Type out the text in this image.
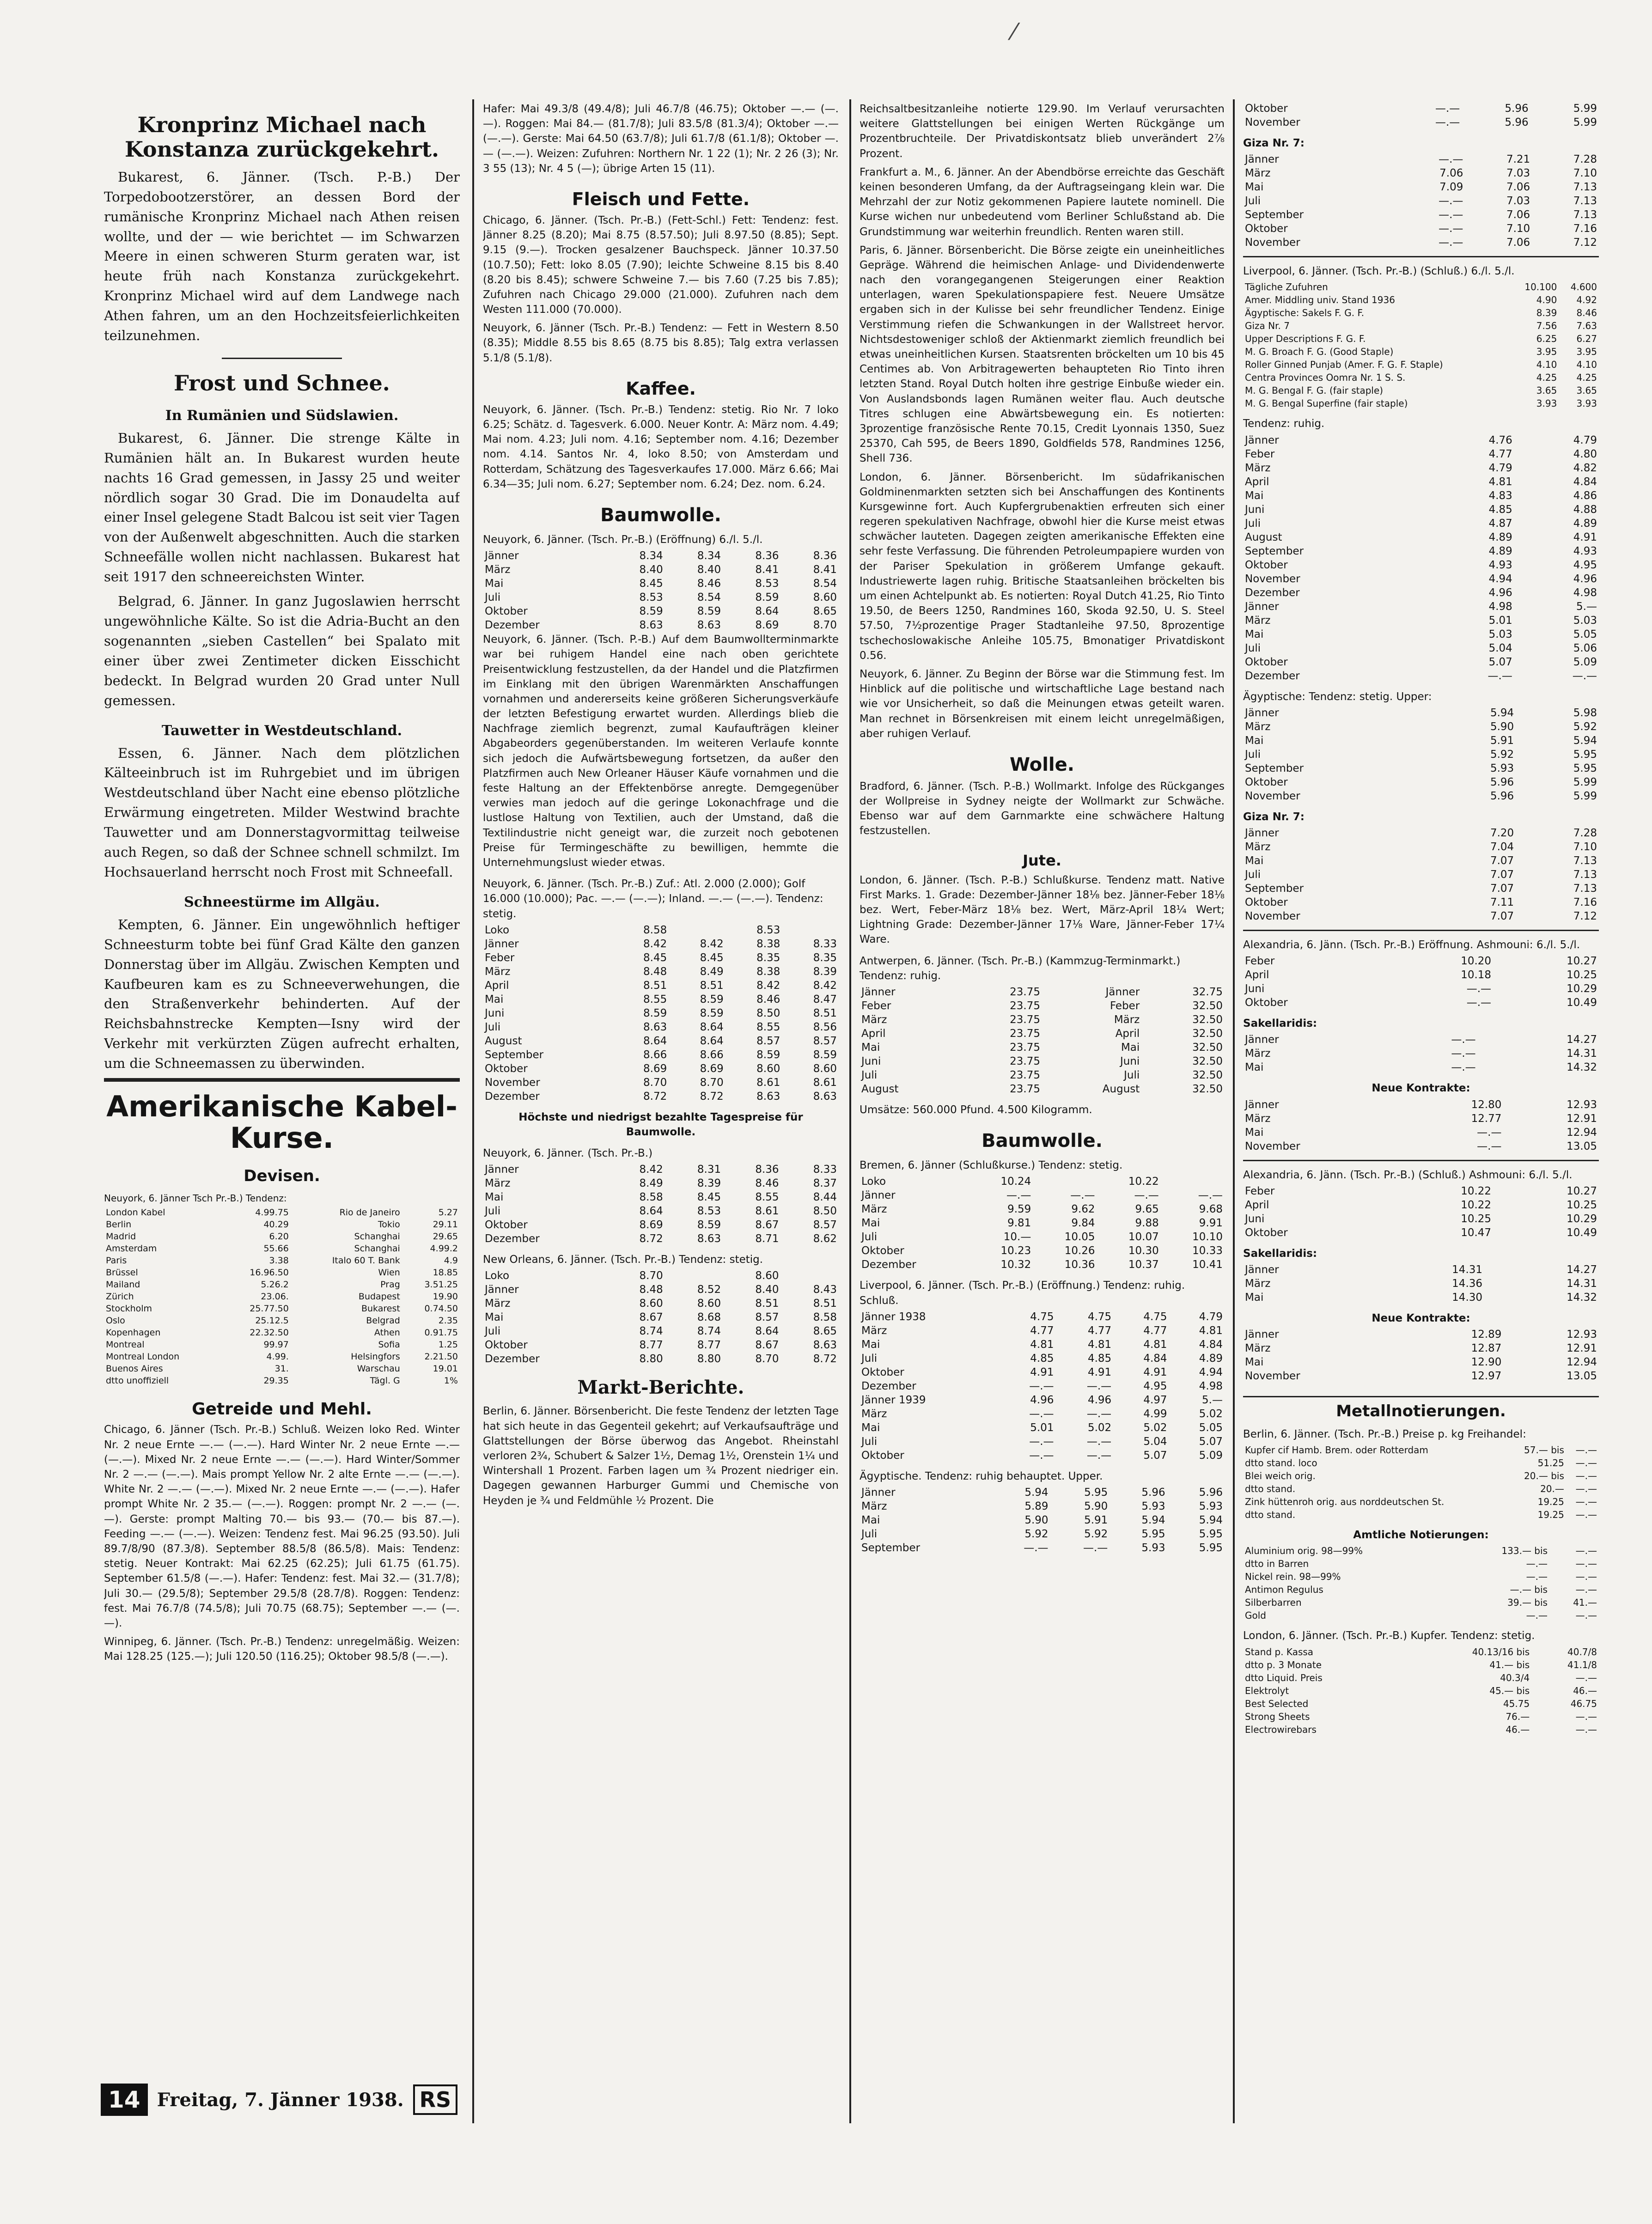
⁄
Kronprinz Michael nach Konstanza zurückgekehrt.

Bukarest, 6. Jänner. (Tsch. P.-B.) Der Torpedobootzerstörer, an dessen Bord der rumänische Kronprinz Michael nach Athen reisen wollte, und der — wie berichtet — im Schwarzen Meere in einen schweren Sturm geraten war, ist heute früh nach Konstanza zurückgekehrt. Kronprinz Michael wird auf dem Landwege nach Athen fahren, um an den Hochzeitsfeierlichkeiten teilzunehmen.

Frost und Schnee.
In Rumänien und Südslawien.

Bukarest, 6. Jänner. Die strenge Kälte in Rumänien hält an. In Bukarest wurden heute nachts 16 Grad gemessen, in Jassy 25 und weiter nördlich sogar 30 Grad. Die im Donaudelta auf einer Insel gelegene Stadt Balcou ist seit vier Tagen von der Außenwelt abgeschnitten. Auch die starken Schneefälle wollen nicht nachlassen. Bukarest hat seit 1917 den schneereichsten Winter.

Belgrad, 6. Jänner. In ganz Jugoslawien herrscht ungewöhnliche Kälte. So ist die Adria-Bucht an den sogenannten „sieben Castellen“ bei Spalato mit einer über zwei Zentimeter dicken Eisschicht bedeckt. In Belgrad wurden 20 Grad unter Null gemessen.

Tauwetter in Westdeutschland.

Essen, 6. Jänner. Nach dem plötzlichen Kälteeinbruch ist im Ruhrgebiet und im übrigen Westdeutschland über Nacht eine ebenso plötzliche Erwärmung eingetreten. Milder Westwind brachte Tauwetter und am Donnerstagvormittag teilweise auch Regen, so daß der Schnee schnell schmilzt. Im Hochsauerland herrscht noch Frost mit Schneefall.

Schneestürme im Allgäu.

Kempten, 6. Jänner. Ein ungewöhnlich heftiger Schneesturm tobte bei fünf Grad Kälte den ganzen Donnerstag über im Allgäu. Zwischen Kempten und Kaufbeuren kam es zu Schneeverwehungen, die den Straßenverkehr behinderten. Auf der Reichsbahnstrecke Kempten—Isny wird der Verkehr mit verkürzten Zügen aufrecht erhalten, um die Schneemassen zu überwinden.

Amerikanische Kabel-Kurse.
Devisen.

Neuyork, 6. Jänner Tsch Pr.-B.) Tendenz:

London Kabel	4.99.75	Rio de Janeiro	5.27
Berlin	40.29	Tokio	29.11
Madrid	6.20	Schanghai	29.65
Amsterdam	55.66	Schanghai	4.99.2
Paris	3.38	Italo 60 T. Bank	4.9
Brüssel	16.96.50	Wien	18.85
Mailand	5.26.2	Prag	3.51.25
Zürich	23.06.	Budapest	19.90
Stockholm	25.77.50	Bukarest	0.74.50
Oslo	25.12.5	Belgrad	2.35
Kopenhagen	22.32.50	Athen	0.91.75
Montreal	99.97	Sofia	1.25
Montreal London	4.99.	Helsingfors	2.21.50
Buenos Aires	31.	Warschau	19.01
dtto unoffiziell	29.35	Tägl. G	1%
Getreide und Mehl.

Chicago, 6. Jänner (Tsch. Pr.-B.) Schluß. Weizen loko Red. Winter Nr. 2 neue Ernte —.— (—.—). Hard Winter Nr. 2 neue Ernte —.— (—.—). Mixed Nr. 2 neue Ernte —.— (—.—). Hard Winter/Sommer Nr. 2 —.— (—.—). Mais prompt Yellow Nr. 2 alte Ernte —.— (—.—). White Nr. 2 —.— (—.—). Mixed Nr. 2 neue Ernte —.— (—.—). Hafer prompt White Nr. 2 35.— (—.—). Roggen: prompt Nr. 2 —.— (—.—). Gerste: prompt Malting 70.— bis 93.— (70.— bis 87.—). Feeding —.— (—.—). Weizen: Tendenz fest. Mai 96.25 (93.50). Juli 89.7/8/90 (87.3/8). September 88.5/8 (86.5/8). Mais: Tendenz: stetig. Neuer Kontrakt: Mai 62.25 (62.25); Juli 61.75 (61.75). September 61.5/8 (—.—). Hafer: Tendenz: fest. Mai 32.— (31.7/8); Juli 30.— (29.5/8); September 29.5/8 (28.7/8). Roggen: Tendenz: fest. Mai 76.7/8 (74.5/8); Juli 70.75 (68.75); September —.— (—.—).

Winnipeg, 6. Jänner. (Tsch. Pr.-B.) Tendenz: unregelmäßig. Weizen: Mai 128.25 (125.—); Juli 120.50 (116.25); Oktober 98.5/8 (—.—).

14 Freitag, 7. Jänner 1938. RS

Hafer: Mai 49.3/8 (49.4/8); Juli 46.7/8 (46.75); Oktober —.— (—.—). Roggen: Mai 84.— (81.7/8); Juli 83.5/8 (81.3/4); Oktober —.— (—.—). Gerste: Mai 64.50 (63.7/8); Juli 61.7/8 (61.1/8); Oktober —.— (—.—). Weizen: Zufuhren: Northern Nr. 1 22 (1); Nr. 2 26 (3); Nr. 3 55 (13); Nr. 4 5 (—); übrige Arten 15 (11).

Fleisch und Fette.

Chicago, 6. Jänner. (Tsch. Pr.-B.) (Fett-Schl.) Fett: Tendenz: fest. Jänner 8.25 (8.20); Mai 8.75 (8.57.50); Juli 8.97.50 (8.85); Sept. 9.15 (9.—). Trocken gesalzener Bauchspeck. Jänner 10.37.50 (10.7.50); Fett: loko 8.05 (7.90); leichte Schweine 8.15 bis 8.40 (8.20 bis 8.45); schwere Schweine 7.— bis 7.60 (7.25 bis 7.85); Zufuhren nach Chicago 29.000 (21.000). Zufuhren nach dem Westen 111.000 (70.000).

Neuyork, 6. Jänner (Tsch. Pr.-B.) Tendenz: — Fett in Western 8.50 (8.35); Middle 8.55 bis 8.65 (8.75 bis 8.85); Talg extra verlassen 5.1/8 (5.1/8).

Kaffee.

Neuyork, 6. Jänner. (Tsch. Pr.-B.) Tendenz: stetig. Rio Nr. 7 loko 6.25; Schätz. d. Tagesverk. 6.000. Neuer Kontr. A: März nom. 4.49; Mai nom. 4.23; Juli nom. 4.16; September nom. 4.16; Dezember nom. 4.14. Santos Nr. 4, loko 8.50; von Amsterdam und Rotterdam, Schätzung des Tagesverkaufes 17.000. März 6.66; Mai 6.34—35; Juli nom. 6.27; September nom. 6.24; Dez. nom. 6.24.

Baumwolle.

Neuyork, 6. Jänner. (Tsch. Pr.-B.) (Eröffnung) 6./l. 5./l.

Jänner	8.34	8.34	8.36	8.36
März	8.40	8.40	8.41	8.41
Mai	8.45	8.46	8.53	8.54
Juli	8.53	8.54	8.59	8.60
Oktober	8.59	8.59	8.64	8.65
Dezember	8.63	8.63	8.69	8.70

Neuyork, 6. Jänner. (Tsch. P.-B.) Auf dem Baumwollterminmarkte war bei ruhigem Handel eine nach oben gerichtete Preisentwicklung festzustellen, da der Handel und die Platzfirmen im Einklang mit den übrigen Warenmärkten Anschaffungen vornahmen und andererseits keine größeren Sicherungsverkäufe der letzten Befestigung erwartet wurden. Allerdings blieb die Nachfrage ziemlich begrenzt, zumal Kaufaufträgen kleiner Abgabeorders gegenüberstanden. Im weiteren Verlaufe konnte sich jedoch die Aufwärtsbewegung fortsetzen, da außer den Platzfirmen auch New Orleaner Häuser Käufe vornahmen und die feste Haltung an der Effektenbörse anregte. Demgegenüber verwies man jedoch auf die geringe Lokonachfrage und die lustlose Haltung von Textilien, auch der Umstand, daß die Textilindustrie nicht geneigt war, die zurzeit noch gebotenen Preise für Termingeschäfte zu bewilligen, hemmte die Unternehmungslust wieder etwas.

Neuyork, 6. Jänner. (Tsch. Pr.-B.) Zuf.: Atl. 2.000 (2.000); Golf 16.000 (10.000); Pac. —.— (—.—); Inland. —.— (—.—). Tendenz: stetig.

Loko	8.58		8.53	
Jänner	8.42	8.42	8.38	8.33
Feber	8.45	8.45	8.35	8.35
März	8.48	8.49	8.38	8.39
April	8.51	8.51	8.42	8.42
Mai	8.55	8.59	8.46	8.47
Juni	8.59	8.59	8.50	8.51
Juli	8.63	8.64	8.55	8.56
August	8.64	8.64	8.57	8.57
September	8.66	8.66	8.59	8.59
Oktober	8.69	8.69	8.60	8.60
November	8.70	8.70	8.61	8.61
Dezember	8.72	8.72	8.63	8.63

Höchste und niedrigst bezahlte Tagespreise für Baumwolle.

Neuyork, 6. Jänner. (Tsch. Pr.-B.)

Jänner	8.42	8.31	8.36	8.33
März	8.49	8.39	8.46	8.37
Mai	8.58	8.45	8.55	8.44
Juli	8.64	8.53	8.61	8.50
Oktober	8.69	8.59	8.67	8.57
Dezember	8.72	8.63	8.71	8.62

New Orleans, 6. Jänner. (Tsch. Pr.-B.) Tendenz: stetig.

Loko	8.70		8.60	
Jänner	8.48	8.52	8.40	8.43
März	8.60	8.60	8.51	8.51
Mai	8.67	8.68	8.57	8.58
Juli	8.74	8.74	8.64	8.65
Oktober	8.77	8.77	8.67	8.63
Dezember	8.80	8.80	8.70	8.72
Markt-Berichte.

Berlin, 6. Jänner. Börsenbericht. Die feste Tendenz der letzten Tage hat sich heute in das Gegenteil gekehrt; auf Verkaufsaufträge und Glattstellungen der Börse überwog das Angebot. Rheinstahl verloren 2¾, Schubert & Salzer 1½, Demag 1½, Orenstein 1¼ und Wintershall 1 Prozent. Farben lagen um ¾ Prozent niedriger ein. Dagegen gewannen Harburger Gummi und Chemische von Heyden je ¾ und Feldmühle ½ Prozent. Die

Reichsaltbesitzanleihe notierte 129.90. Im Verlauf verursachten weitere Glattstellungen bei einigen Werten Rückgänge um Prozentbruchteile. Der Privatdiskontsatz blieb unverändert 2⅞ Prozent.

Frankfurt a. M., 6. Jänner. An der Abendbörse erreichte das Geschäft keinen besonderen Umfang, da der Auftragseingang klein war. Die Mehrzahl der zur Notiz gekommenen Papiere lautete nominell. Die Kurse wichen nur unbedeutend vom Berliner Schlußstand ab. Die Grundstimmung war weiterhin freundlich. Renten waren still.

Paris, 6. Jänner. Börsenbericht. Die Börse zeigte ein uneinheitliches Gepräge. Während die heimischen Anlage- und Dividendenwerte nach den vorangegangenen Steigerungen einer Reaktion unterlagen, waren Spekulationspapiere fest. Neuere Umsätze ergaben sich in der Kulisse bei sehr freundlicher Tendenz. Einige Verstimmung riefen die Schwankungen in der Wallstreet hervor. Nichtsdestoweniger schloß der Aktienmarkt ziemlich freundlich bei etwas uneinheitlichen Kursen. Staatsrenten bröckelten um 10 bis 45 Centimes ab. Von Arbitragewerten behaupteten Rio Tinto ihren letzten Stand. Royal Dutch holten ihre gestrige Einbuße wieder ein. Von Auslandsbonds lagen Rumänen weiter flau. Auch deutsche Titres schlugen eine Abwärtsbewegung ein. Es notierten: 3prozentige französische Rente 70.15, Credit Lyonnais 1350, Suez 25370, Cah 595, de Beers 1890, Goldfields 578, Randmines 1256, Shell 736.

London, 6. Jänner. Börsenbericht. Im südafrikanischen Goldminenmarkten setzten sich bei Anschaffungen des Kontinents Kursgewinne fort. Auch Kupfergrubenaktien erfreuten sich einer regeren spekulativen Nachfrage, obwohl hier die Kurse meist etwas schwächer lauteten. Dagegen zeigten amerikanische Effekten eine sehr feste Verfassung. Die führenden Petroleumpapiere wurden von der Pariser Spekulation in größerem Umfange gekauft. Industriewerte lagen ruhig. Britische Staatsanleihen bröckelten bis um einen Achtelpunkt ab. Es notierten: Royal Dutch 41.25, Rio Tinto 19.50, de Beers 1250, Randmines 160, Skoda 92.50, U. S. Steel 57.50, 7½prozentige Prager Stadtanleihe 97.50, 8prozentige tschechoslowakische Anleihe 105.75, Bmonatiger Privatdiskont 0.56.

Neuyork, 6. Jänner. Zu Beginn der Börse war die Stimmung fest. Im Hinblick auf die politische und wirtschaftliche Lage bestand nach wie vor Unsicherheit, so daß die Meinungen etwas geteilt waren. Man rechnet in Börsenkreisen mit einem leicht unregelmäßigen, aber ruhigen Verlauf.

Wolle.

Bradford, 6. Jänner. (Tsch. P.-B.) Wollmarkt. Infolge des Rückganges der Wollpreise in Sydney neigte der Wollmarkt zur Schwäche. Ebenso war auf dem Garnmarkte eine schwächere Haltung festzustellen.

Jute.

London, 6. Jänner. (Tsch. P.-B.) Schlußkurse. Tendenz matt. Native First Marks. 1. Grade: Dezember-Jänner 18⅛ bez. Jänner-Feber 18⅛ bez. Wert, Feber-März 18⅛ bez. Wert, März-April 18¼ Wert; Lightning Grade: Dezember-Jänner 17⅛ Ware, Jänner-Feber 17¼ Ware.

Antwerpen, 6. Jänner. (Tsch. Pr.-B.) (Kammzug-Terminmarkt.) Tendenz: ruhig.

Jänner	23.75	Jänner	32.75
Feber	23.75	Feber	32.50
März	23.75	März	32.50
April	23.75	April	32.50
Mai	23.75	Mai	32.50
Juni	23.75	Juni	32.50
Juli	23.75	Juli	32.50
August	23.75	August	32.50

Umsätze: 560.000 Pfund. 4.500 Kilogramm.

Baumwolle.

Bremen, 6. Jänner (Schlußkurse.) Tendenz: stetig.

Loko	10.24		10.22	
Jänner	—.—	—.—	—.—	—.—
März	9.59	9.62	9.65	9.68
Mai	9.81	9.84	9.88	9.91
Juli	10.—	10.05	10.07	10.10
Oktober	10.23	10.26	10.30	10.33
Dezember	10.32	10.36	10.37	10.41

Liverpool, 6. Jänner. (Tsch. Pr.-B.) (Eröffnung.) Tendenz: ruhig. Schluß.

Jänner 1938	4.75	4.75	4.75	4.79
März	4.77	4.77	4.77	4.81
Mai	4.81	4.81	4.81	4.84
Juli	4.85	4.85	4.84	4.89
Oktober	4.91	4.91	4.91	4.94
Dezember	—.—	—.—	4.95	4.98
Jänner 1939	4.96	4.96	4.97	5.—
März	—.—	—.—	4.99	5.02
Mai	5.01	5.02	5.02	5.05
Juli	—.—	—.—	5.04	5.07
Oktober	—.—	—.—	5.07	5.09

Ägyptische. Tendenz: ruhig behauptet. Upper.

Jänner	5.94	5.95	5.96	5.96
März	5.89	5.90	5.93	5.93
Mai	5.90	5.91	5.94	5.94
Juli	5.92	5.92	5.95	5.95
September	—.—	—.—	5.93	5.95
Oktober	—.—	5.96	5.99
November	—.—	5.96	5.99

Giza Nr. 7:

Jänner	—.—	7.21	7.28
März	7.06	7.03	7.10
Mai	7.09	7.06	7.13
Juli	—.—	7.03	7.13
September	—.—	7.06	7.13
Oktober	—.—	7.10	7.16
November	—.—	7.06	7.12

Liverpool, 6. Jänner. (Tsch. Pr.-B.) (Schluß.) 6./l. 5./l.

Tägliche Zufuhren	10.100	4.600
Amer. Middling univ. Stand 1936	4.90	4.92
Ägyptische: Sakels F. G. F.	8.39	8.46
Giza Nr. 7	7.56	7.63
Upper Descriptions F. G. F.	6.25	6.27
M. G. Broach F. G. (Good Staple)	3.95	3.95
Roller Ginned Punjab (Amer. F. G. F. Staple)	4.10	4.10
Centra Provinces Oomra Nr. 1 S. S.	4.25	4.25
M. G. Bengal F. G. (fair staple)	3.65	3.65
M. G. Bengal Superfine (fair staple)	3.93	3.93

Tendenz: ruhig.

Jänner	4.76	4.79
Feber	4.77	4.80
März	4.79	4.82
April	4.81	4.84
Mai	4.83	4.86
Juni	4.85	4.88
Juli	4.87	4.89
August	4.89	4.91
September	4.89	4.93
Oktober	4.93	4.95
November	4.94	4.96
Dezember	4.96	4.98
Jänner	4.98	5.—
März	5.01	5.03
Mai	5.03	5.05
Juli	5.04	5.06
Oktober	5.07	5.09
Dezember	—.—	—.—

Ägyptische: Tendenz: stetig. Upper:

Jänner	5.94	5.98
März	5.90	5.92
Mai	5.91	5.94
Juli	5.92	5.95
September	5.93	5.95
Oktober	5.96	5.99
November	5.96	5.99

Giza Nr. 7:

Jänner	7.20	7.28
März	7.04	7.10
Mai	7.07	7.13
Juli	7.07	7.13
September	7.07	7.13
Oktober	7.11	7.16
November	7.07	7.12

Alexandria, 6. Jänn. (Tsch. Pr.-B.) Eröffnung. Ashmouni: 6./l. 5./l.

Feber	10.20	10.27
April	10.18	10.25
Juni	—.—	10.29
Oktober	—.—	10.49

Sakellaridis:

Jänner	—.—	14.27
März	—.—	14.31
Mai	—.—	14.32

Neue Kontrakte:

Jänner	12.80	12.93
März	12.77	12.91
Mai	—.—	12.94
November	—.—	13.05

Alexandria, 6. Jänn. (Tsch. Pr.-B.) (Schluß.) Ashmouni: 6./l. 5./l.

Feber	10.22	10.27
April	10.22	10.25
Juni	10.25	10.29
Oktober	10.47	10.49

Sakellaridis:

Jänner	14.31	14.27
März	14.36	14.31
Mai	14.30	14.32

Neue Kontrakte:

Jänner	12.89	12.93
März	12.87	12.91
Mai	12.90	12.94
November	12.97	13.05
Metallnotierungen.

Berlin, 6. Jänner. (Tsch. Pr.-B.) Preise p. kg Freihandel:

Kupfer cif Hamb. Brem. oder Rotterdam	57.— bis	—.—
dtto stand. loco	51.25	—.—
Blei weich orig.	20.— bis	—.—
dtto stand.	20.—	—.—
Zink hüttenroh orig. aus norddeutschen St.	19.25	—.—
dtto stand.	19.25	—.—

Amtliche Notierungen:

Aluminium orig. 98—99%	133.— bis	—.—
dtto in Barren	—.—	—.—
Nickel rein. 98—99%	—.—	—.—
Antimon Regulus	—.— bis	—.—
Silberbarren	39.— bis	41.—
Gold	—.—	—.—

London, 6. Jänner. (Tsch. Pr.-B.) Kupfer. Tendenz: stetig.

Stand p. Kassa	40.13/16 bis	40.7/8
dtto p. 3 Monate	41.— bis	41.1/8
dtto Liquid. Preis	40.3/4	—.—
Elektrolyt	45.— bis	46.—
Best Selected	45.75	46.75
Strong Sheets	76.—	—.—
Electrowirebars	46.—	—.—
